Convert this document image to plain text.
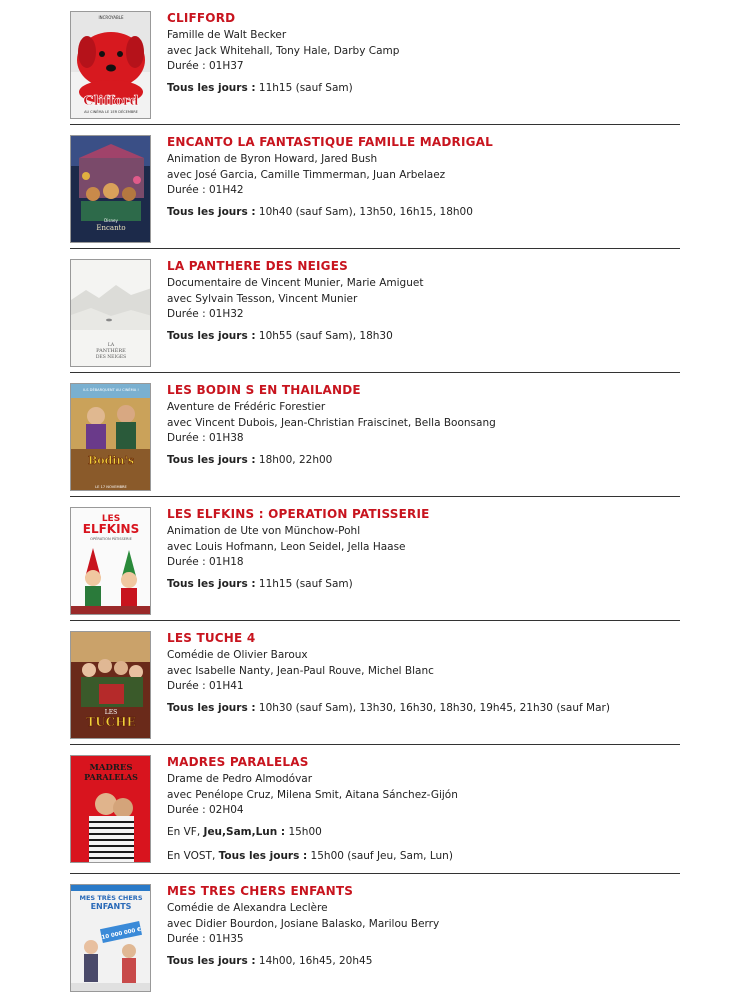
INCROYABLE
Clifford
AU CINÉMA LE 1ER DÉCEMBRE
CLIFFORD
Famille de Walt Becker
avec Jack Whitehall, Tony Hale, Darby Camp
Durée : 01H37
Tous les jours : 11h15 (sauf Sam)
Encanto
Disney
ENCANTO LA FANTASTIQUE FAMILLE MADRIGAL
Animation de Byron Howard, Jared Bush
avec José Garcia, Camille Timmerman, Juan Arbelaez
Durée : 01H42
Tous les jours : 10h40 (sauf Sam), 13h50, 16h15, 18h00
LA
PANTHÈRE
DES NEIGES
LA PANTHERE DES NEIGES
Documentaire de Vincent Munier, Marie Amiguet
avec Sylvain Tesson, Vincent Munier
Durée : 01H32
Tous les jours : 10h55 (sauf Sam), 18h30
ILS DÉBARQUENT AU CINÉMA !
Bodin's
LE 17 NOVEMBRE
LES BODIN S EN THAILANDE
Aventure de Frédéric Forestier
avec Vincent Dubois, Jean-Christian Fraiscinet, Bella Boonsang
Durée : 01H38
Tous les jours : 18h00, 22h00
LES
ELFKINS
OPÉRATION PÂTISSERIE
LES ELFKINS : OPERATION PATISSERIE
Animation de Ute von Münchow-Pohl
avec Louis Hofmann, Leon Seidel, Jella Haase
Durée : 01H18
Tous les jours : 11h15 (sauf Sam)
LES
TUCHE
LES TUCHE 4
Comédie de Olivier Baroux
avec Isabelle Nanty, Jean-Paul Rouve, Michel Blanc
Durée : 01H41
Tous les jours : 10h30 (sauf Sam), 13h30, 16h30, 18h30, 19h45, 21h30 (sauf Mar)
MADRES
PARALELAS
MADRES PARALELAS
Drame de Pedro Almodóvar
avec Penélope Cruz, Milena Smit, Aitana Sánchez-Gijón
Durée : 02H04
En VF, Jeu,Sam,Lun : 15h00
En VOST, Tous les jours : 15h00 (sauf Jeu, Sam, Lun)
MES TRÈS CHERS
ENFANTS
10 000 000 €
MES TRES CHERS ENFANTS
Comédie de Alexandra Leclère
avec Didier Bourdon, Josiane Balasko, Marilou Berry
Durée : 01H35
Tous les jours : 14h00, 16h45, 20h45
